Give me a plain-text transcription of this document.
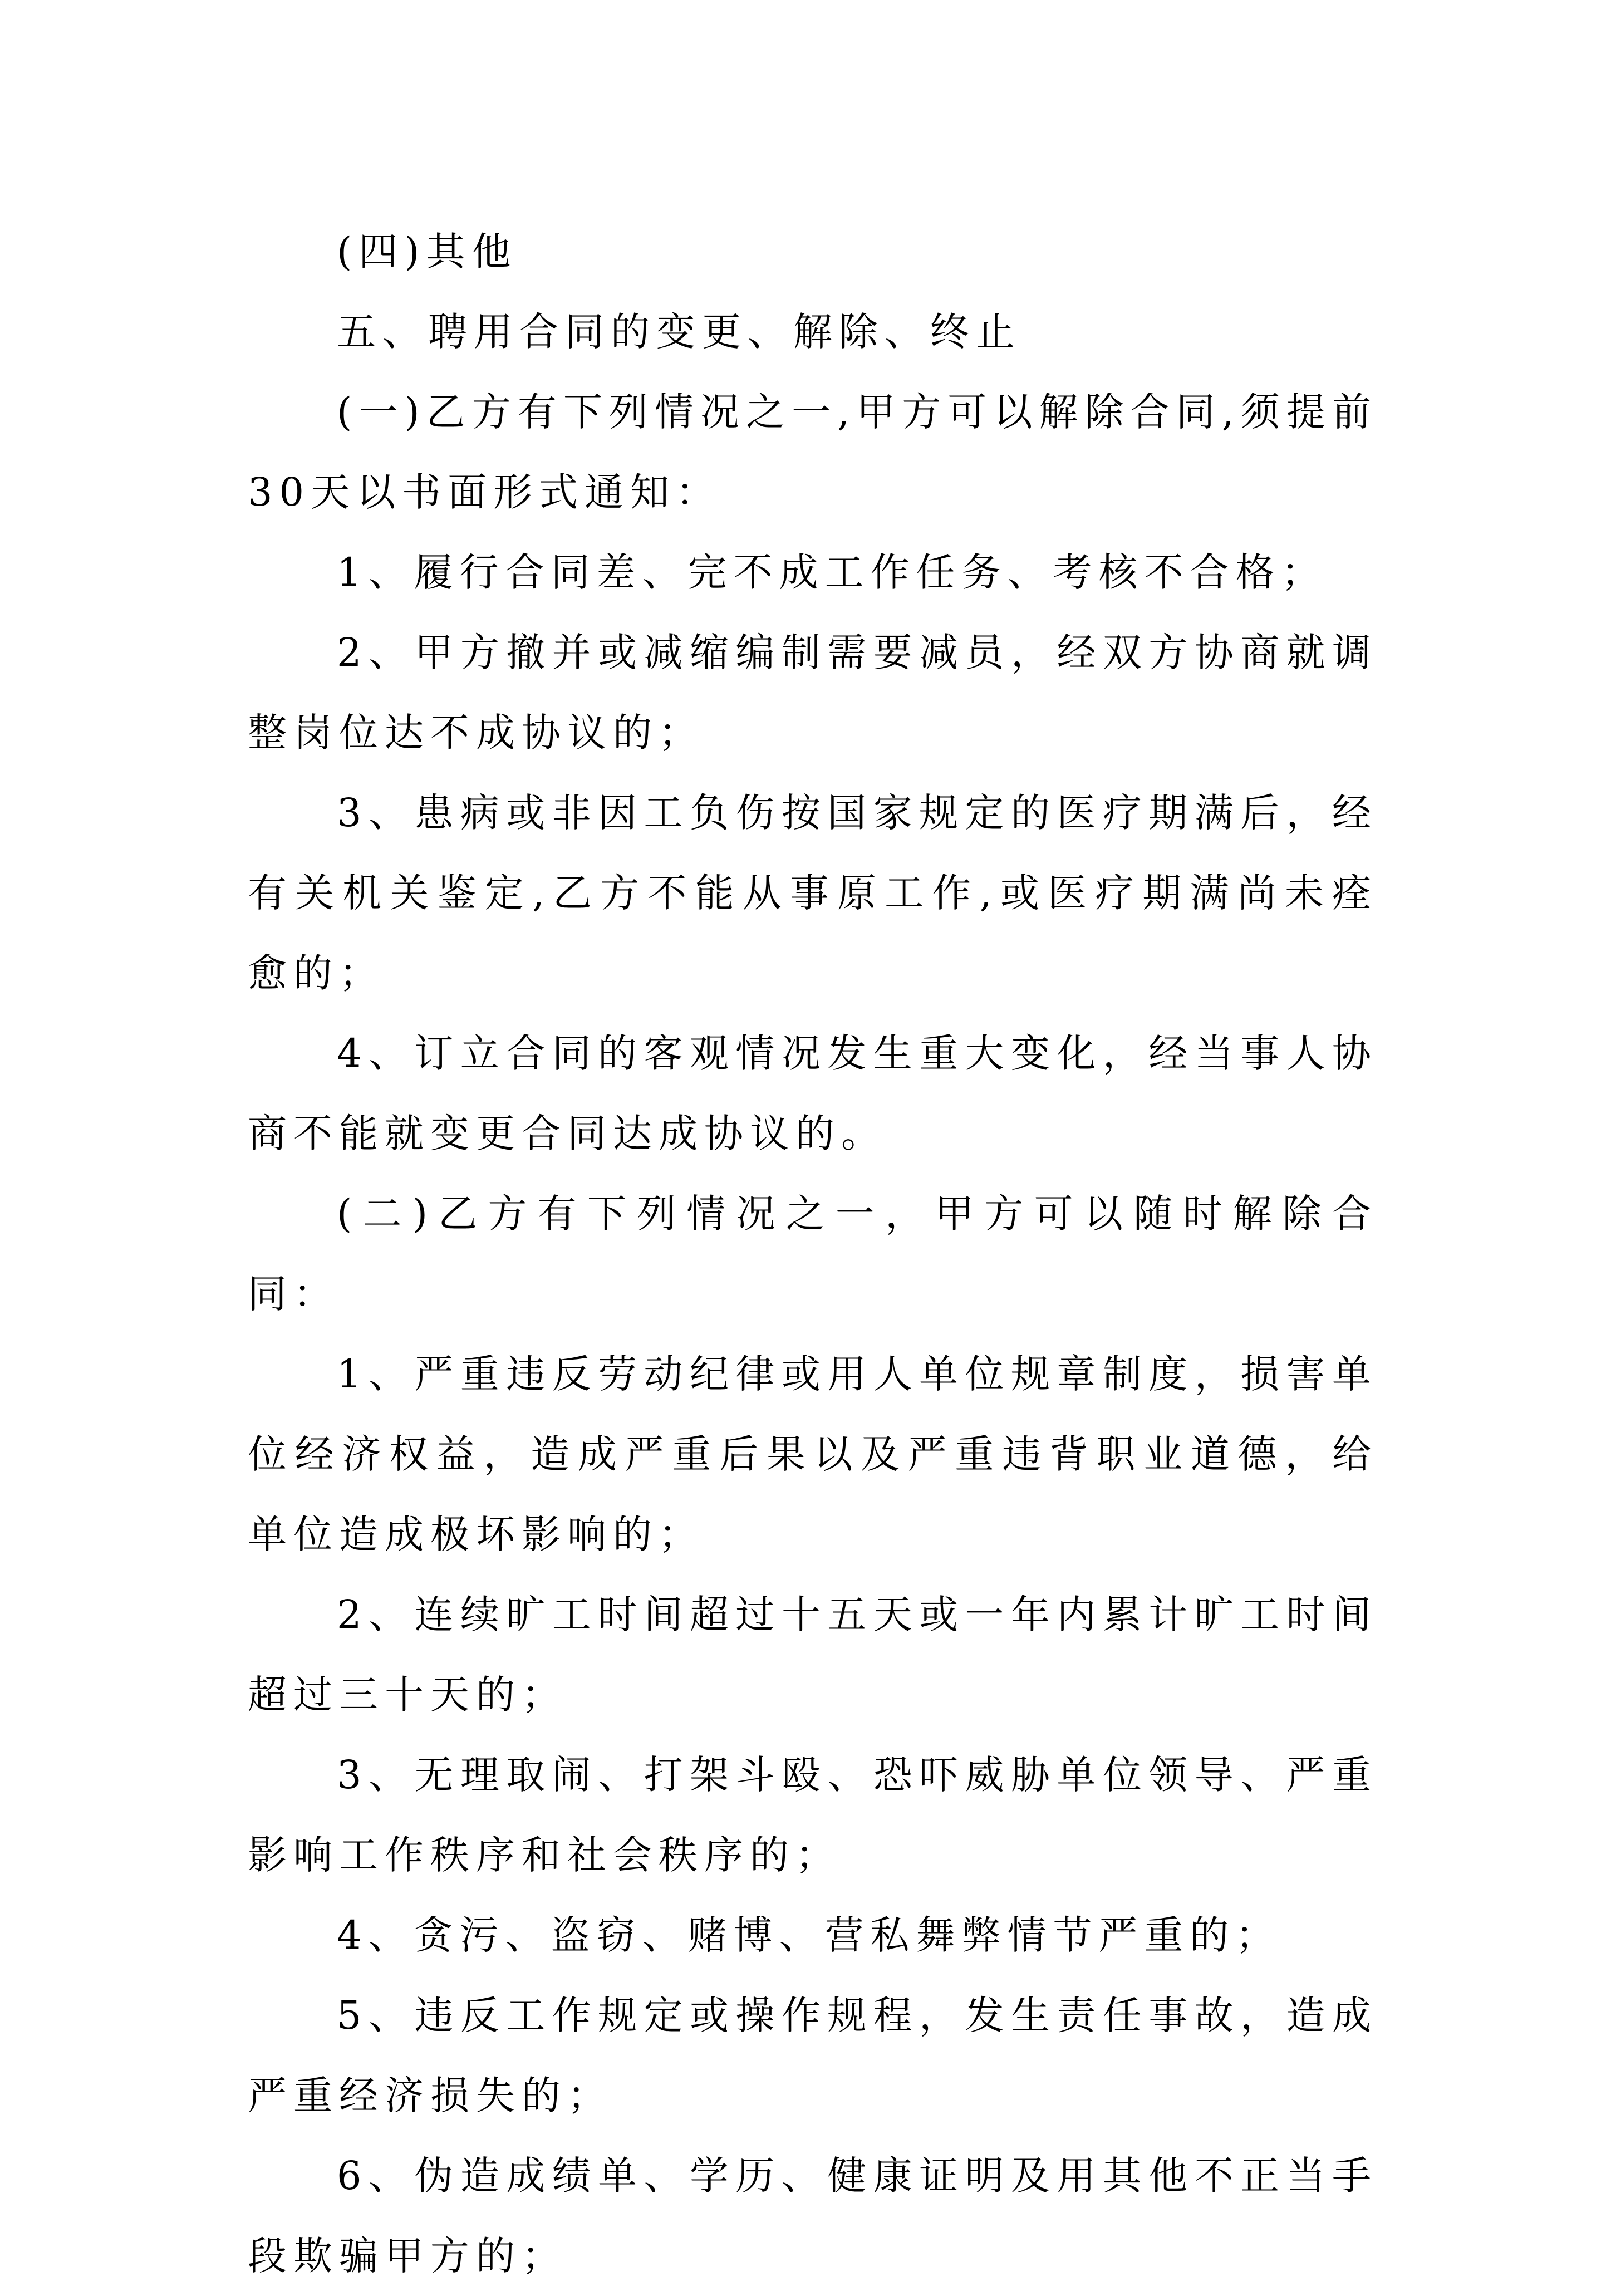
(四)其他

五、聘用合同的变更、解除、终止

(一)乙方有下列情况之一,甲方可以解除合同,须提前30天以书面形式通知：

1、履行合同差、完不成工作任务、考核不合格；

2、甲方撤并或减缩编制需要减员，经双方协商就调整岗位达不成协议的；

3、患病或非因工负伤按国家规定的医疗期满后，经有关机关鉴定,乙方不能从事原工作,或医疗期满尚未痊愈的；

4、订立合同的客观情况发生重大变化，经当事人协商不能就变更合同达成协议的。

(二)乙方有下列情况之一，甲方可以随时解除合同：

1、严重违反劳动纪律或用人单位规章制度，损害单位经济权益，造成严重后果以及严重违背职业道德，给单位造成极坏影响的；

2、连续旷工时间超过十五天或一年内累计旷工时间超过三十天的；

3、无理取闹、打架斗殴、恐吓威胁单位领导、严重影响工作秩序和社会秩序的；

4、贪污、盗窃、赌博、营私舞弊情节严重的；

5、违反工作规定或操作规程，发生责任事故，造成严重经济损失的；

6、伪造成绩单、学历、健康证明及用其他不正当手段欺骗甲方的；
